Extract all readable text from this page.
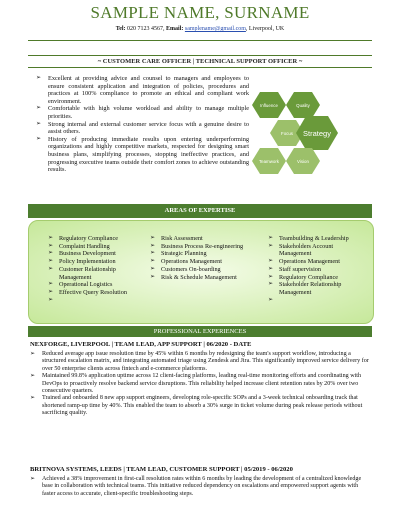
SAMPLE NAME, SURNAME
Tel: 020 7123 4567, Email: samplename@gmail.com, Liverpool, UK
~ CUSTOMER CARE OFFICER | TECHNICAL SUPPORT OFFICER ~
➢ Excellent at providing advice and counsel to managers and employees to ensure consistent application and integration of policies, procedures and practices at 100% compliance to promote an ethical and compliant work environment.
➢ Comfortable with high volume workload and ability to manage multiple priorities.
➢ Strong internal and external customer service focus with a genuine desire to assist others.
➢ History of producing immediate results upon entering underperforming organizations and highly competitive markets, respected for designing smart business plans, simplifying processes, stopping ineffective practices, and progressing executive teams outside their comfort zones to achieve outstanding results.
Influence	Quality
Focus Strategy
Teamwork	Vision
AREAS OF EXPERTISE
➢ Regulatory Compliance
➢ Complaint Handling
➢ Business Development
➢ Policy Implementation
➢ Customer Relationship Management
➢ Operational Logistics
➢ Effective Query Resolution
➢
➢ Risk Assessment
➢ Business Process Re-engineering
➢ Strategic Planning
➢ Operations Management
➢ Customers On-boarding
➢ Risk & Schedule Management
➢ Teambuilding & Leadership
➢ Stakeholders Account Management
➢ Operations Management
➢ Staff supervision
➢ Regulatory Compliance
➢ Stakeholder Relationship Management
➢
PROFESSIONAL EXPERIENCES
NEXFORGE, LIVERPOOL | TEAM LEAD, APP SUPPORT | 06/2020 - DATE
➢ Reduced average app issue resolution time by 45% within 6 months by redesigning the team's support workflow, introducing a structured escalation matrix, and integrating automated triage using Zendesk and Jira. This significantly improved service delivery for over 50 enterprise clients across fintech and e-commerce platforms.
➢ Maintained 99.8% application uptime across 12 client-facing platforms, leading real-time monitoring efforts and coordinating with DevOps to proactively resolve backend service disruptions. This reliability helped increase client retention rates by 20% over two consecutive quarters.
➢ Trained and onboarded 8 new app support engineers, developing role-specific SOPs and a 3-week technical onboarding track that shortened ramp-up time by 40%. This enabled the team to absorb a 30% surge in ticket volume during peak release periods without sacrificing quality.
BRITNOVA SYSTEMS, LEEDS | TEAM LEAD, CUSTOMER SUPPORT | 05/2019 - 06/2020
➢ Achieved a 38% improvement in first-call resolution rates within 6 months by leading the development of a centralized knowledge base in collaboration with technical teams. This initiative reduced dependency on escalations and empowered support agents with faster access to accurate, client-specific troubleshooting steps.
